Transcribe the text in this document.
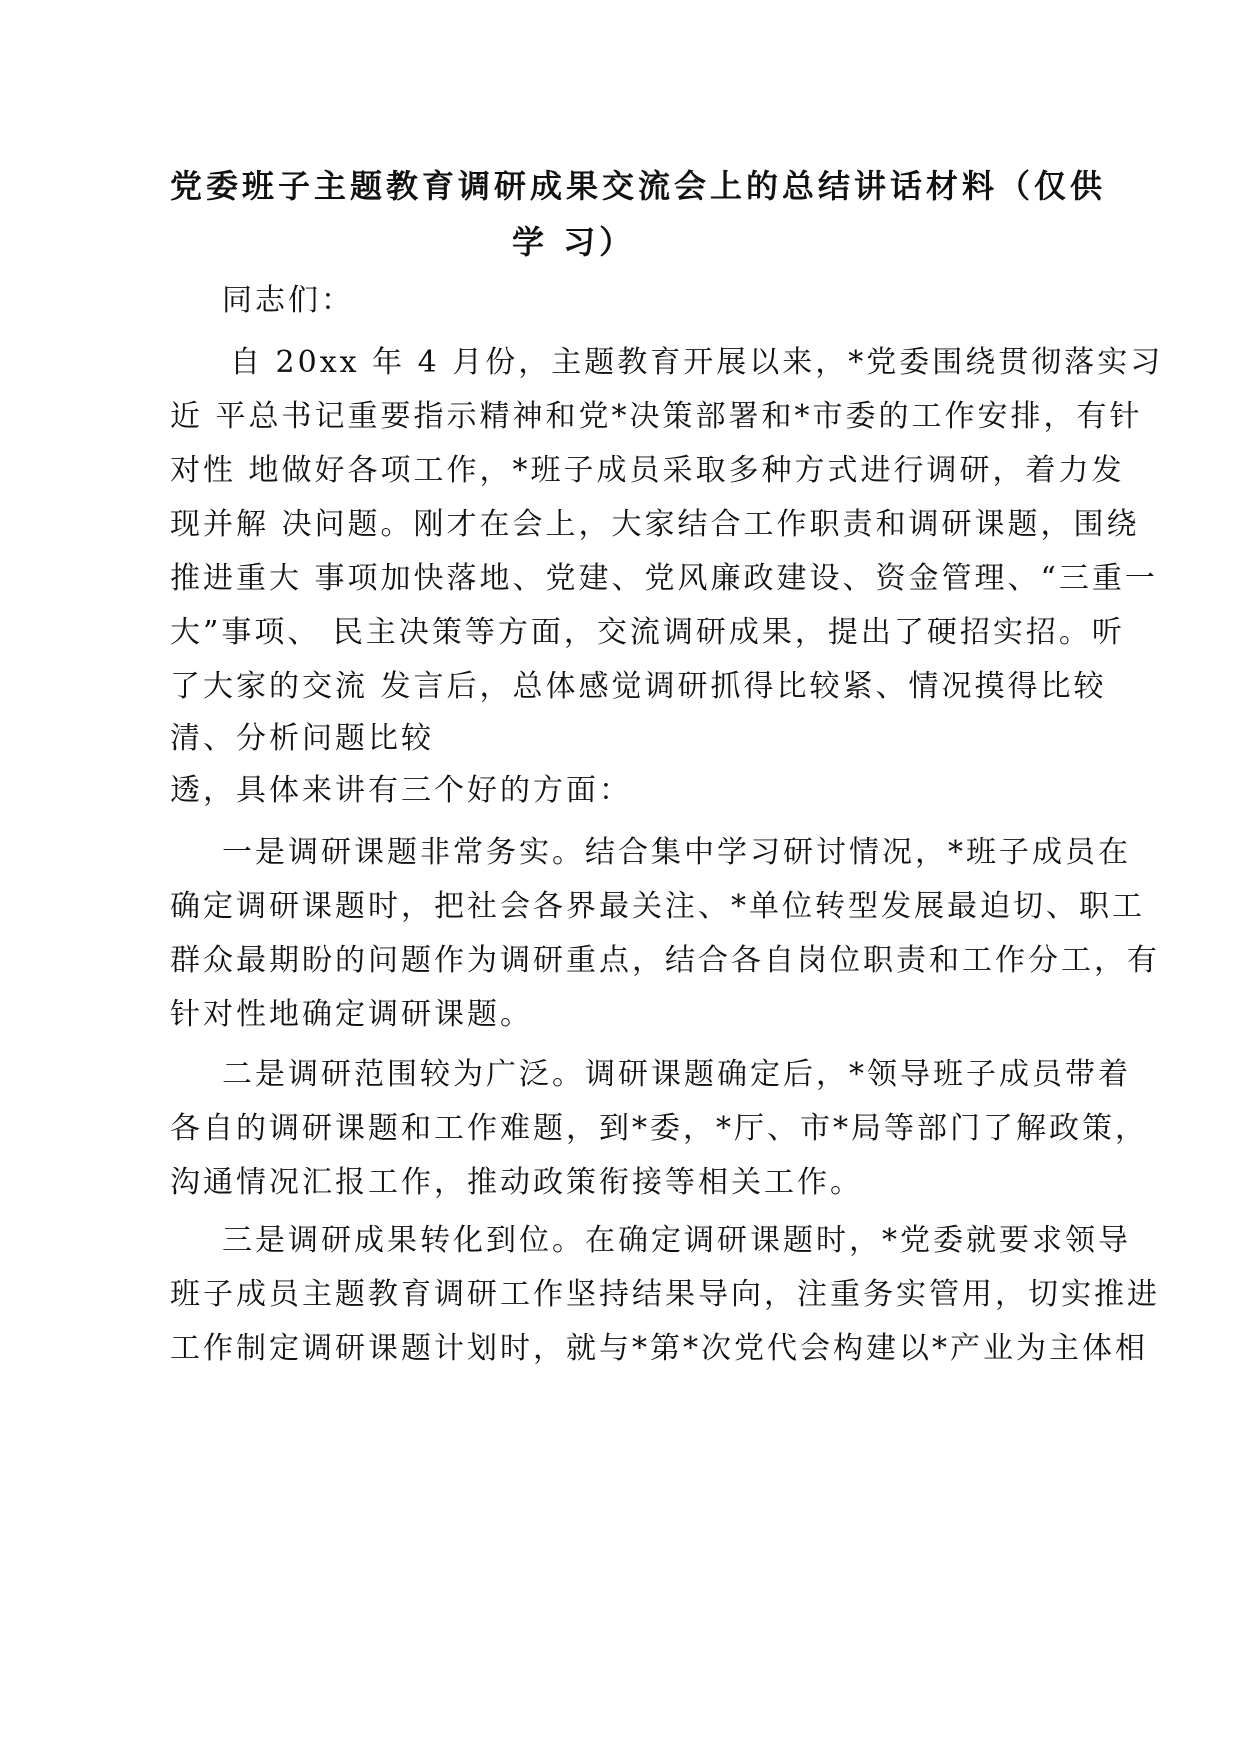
党委班子主题教育调研成果交流会上的总结讲话材料（仅供
学 习）
同志们：
自 20xx 年 4 月份，主题教育开展以来，*党委围绕贯彻落实习
近 平总书记重要指示精神和党*决策部署和*市委的工作安排，有针
对性 地做好各项工作，*班子成员采取多种方式进行调研，着力发
现并解 决问题。刚才在会上，大家结合工作职责和调研课题，围绕
推进重大 事项加快落地、党建、党风廉政建设、资金管理、“三重一
大”事项、 民主决策等方面，交流调研成果，提出了硬招实招。听
了大家的交流 发言后，总体感觉调研抓得比较紧、情况摸得比较
清、分析问题比较
透，具体来讲有三个好的方面：
一是调研课题非常务实。结合集中学习研讨情况，*班子成员在
确定调研课题时，把社会各界最关注、*单位转型发展最迫切、职工
群众最期盼的问题作为调研重点，结合各自岗位职责和工作分工，有
针对性地确定调研课题。
二是调研范围较为广泛。调研课题确定后，*领导班子成员带着
各自的调研课题和工作难题，到*委，*厅、市*局等部门了解政策，
沟通情况汇报工作，推动政策衔接等相关工作。
三是调研成果转化到位。在确定调研课题时，*党委就要求领导
班子成员主题教育调研工作坚持结果导向，注重务实管用，切实推进
工作制定调研课题计划时，就与*第*次党代会构建以*产业为主体相
